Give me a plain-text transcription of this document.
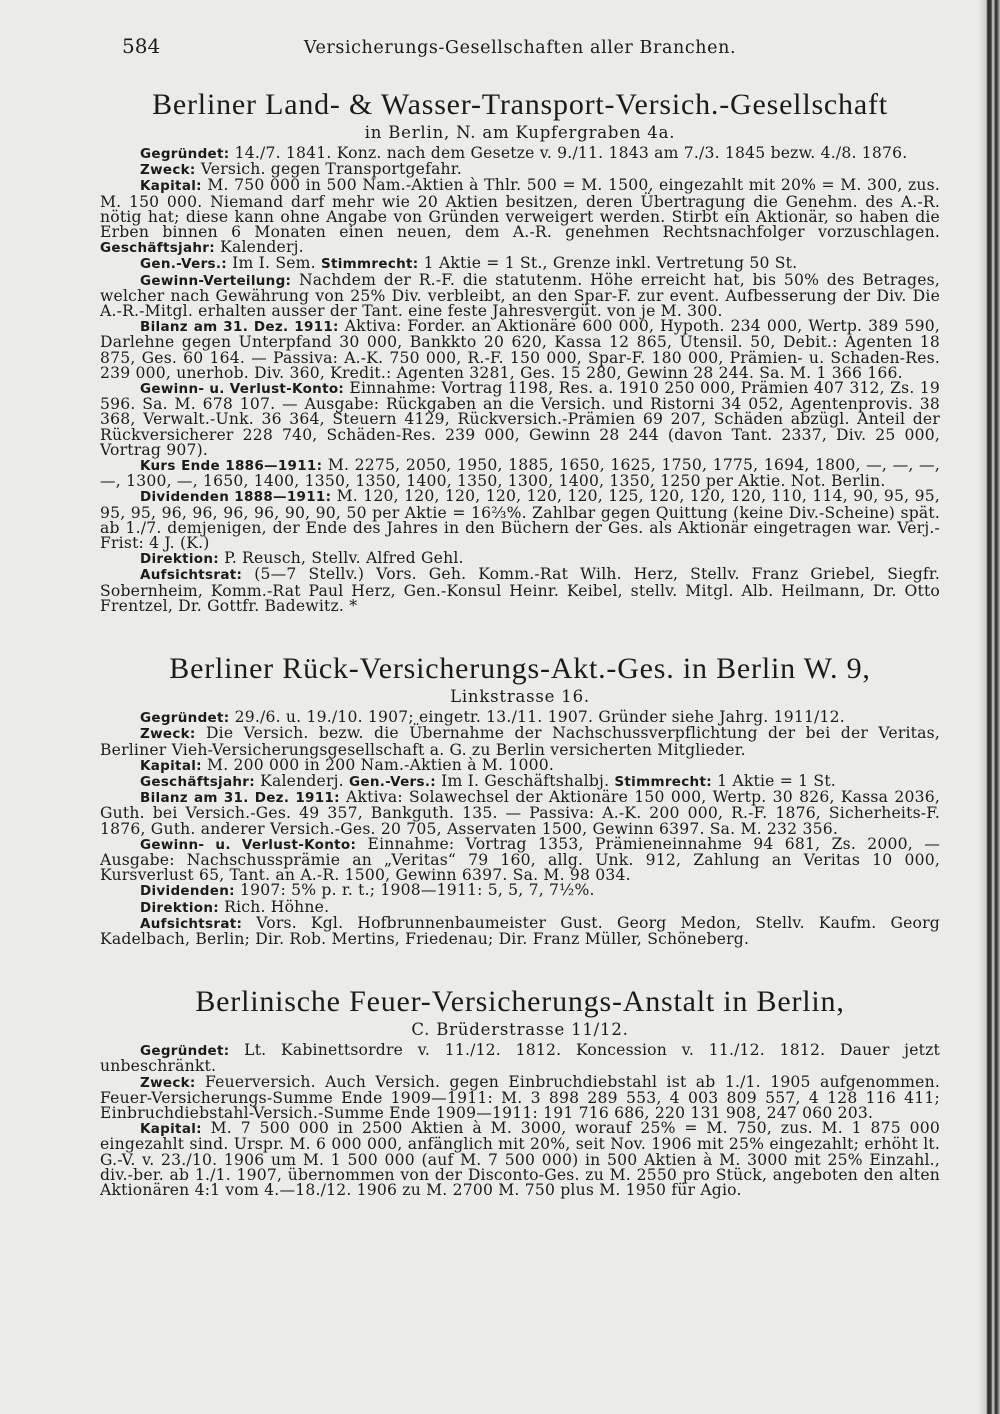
584	Versicherungs-Gesellschaften aller Branchen.
Berliner Land- & Wasser-Transport-Versich.-Gesellschaft
in Berlin, N. am Kupfergraben 4a.

Gegründet: 14./7. 1841. Konz. nach dem Gesetze v. 9./11. 1843 am 7./3. 1845 bezw. 4./8. 1876.

Zweck: Versich. gegen Transportgefahr.

Kapital: M. 750 000 in 500 Nam.-Aktien à Thlr. 500 = M. 1500, eingezahlt mit 20% = M. 300, zus. M. 150 000. Niemand darf mehr wie 20 Aktien besitzen, deren Übertragung die Genehm. des A.-R. nötig hat; diese kann ohne Angabe von Gründen verweigert werden. Stirbt ein Aktionär, so haben die Erben binnen 6 Monaten einen neuen, dem A.-R. genehmen Rechtsnachfolger vorzuschlagen. Geschäftsjahr: Kalenderj.

Gen.-Vers.: Im I. Sem. Stimmrecht: 1 Aktie = 1 St., Grenze inkl. Vertretung 50 St.

Gewinn-Verteilung: Nachdem der R.-F. die statutenm. Höhe erreicht hat, bis 50% des Betrages, welcher nach Gewährung von 25% Div. verbleibt, an den Spar-F. zur event. Aufbesserung der Div. Die A.-R.-Mitgl. erhalten ausser der Tant. eine feste Jahresvergüt. von je M. 300.

Bilanz am 31. Dez. 1911: Aktiva: Forder. an Aktionäre 600 000, Hypoth. 234 000, Wertp. 389 590, Darlehne gegen Unterpfand 30 000, Bankkto 20 620, Kassa 12 865, Utensil. 50, Debit.: Agenten 18 875, Ges. 60 164. — Passiva: A.-K. 750 000, R.-F. 150 000, Spar-F. 180 000, Prämien- u. Schaden-Res. 239 000, unerhob. Div. 360, Kredit.: Agenten 3281, Ges. 15 280, Gewinn 28 244. Sa. M. 1 366 166.

Gewinn- u. Verlust-Konto: Einnahme: Vortrag 1198, Res. a. 1910 250 000, Prämien 407 312, Zs. 19 596. Sa. M. 678 107. — Ausgabe: Rückgaben an die Versich. und Ristorni 34 052, Agentenprovis. 38 368, Verwalt.-Unk. 36 364, Steuern 4129, Rückversich.-Prämien 69 207, Schäden abzügl. Anteil der Rückversicherer 228 740, Schäden-Res. 239 000, Gewinn 28 244 (davon Tant. 2337, Div. 25 000, Vortrag 907).

Kurs Ende 1886—1911: M. 2275, 2050, 1950, 1885, 1650, 1625, 1750, 1775, 1694, 1800, —, —, —, —, 1300, —, 1650, 1400, 1350, 1350, 1400, 1350, 1300, 1400, 1350, 1250 per Aktie. Not. Berlin.

Dividenden 1888—1911: M. 120, 120, 120, 120, 120, 120, 125, 120, 120, 120, 110, 114, 90, 95, 95, 95, 95, 96, 96, 96, 96, 90, 90, 50 per Aktie = 16⅔%. Zahlbar gegen Quittung (keine Div.-Scheine) spät. ab 1./7. demjenigen, der Ende des Jahres in den Büchern der Ges. als Aktionär eingetragen war. Verj.-Frist: 4 J. (K.)

Direktion: P. Reusch, Stellv. Alfred Gehl.

Aufsichtsrat: (5—7 Stellv.) Vors. Geh. Komm.-Rat Wilh. Herz, Stellv. Franz Griebel, Siegfr. Sobernheim, Komm.-Rat Paul Herz, Gen.-Konsul Heinr. Keibel, stellv. Mitgl. Alb. Heilmann, Dr. Otto Frentzel, Dr. Gottfr. Badewitz. *

Berliner Rück-Versicherungs-Akt.-Ges. in Berlin W. 9,
Linkstrasse 16.

Gegründet: 29./6. u. 19./10. 1907; eingetr. 13./11. 1907. Gründer siehe Jahrg. 1911/12.

Zweck: Die Versich. bezw. die Übernahme der Nachschussverpflichtung der bei der Veritas, Berliner Vieh-Versicherungsgesellschaft a. G. zu Berlin versicherten Mitglieder.

Kapital: M. 200 000 in 200 Nam.-Aktien à M. 1000.

Geschäftsjahr: Kalenderj. Gen.-Vers.: Im I. Geschäftshalbj. Stimmrecht: 1 Aktie = 1 St.

Bilanz am 31. Dez. 1911: Aktiva: Solawechsel der Aktionäre 150 000, Wertp. 30 826, Kassa 2036, Guth. bei Versich.-Ges. 49 357, Bankguth. 135. — Passiva: A.-K. 200 000, R.-F. 1876, Sicherheits-F. 1876, Guth. anderer Versich.-Ges. 20 705, Asservaten 1500, Gewinn 6397. Sa. M. 232 356.

Gewinn- u. Verlust-Konto: Einnahme: Vortrag 1353, Prämieneinnahme 94 681, Zs. 2000, — Ausgabe: Nachschussprämie an „Veritas“ 79 160, allg. Unk. 912, Zahlung an Veritas 10 000, Kursverlust 65, Tant. an A.-R. 1500, Gewinn 6397. Sa. M. 98 034.

Dividenden: 1907: 5% p. r. t.; 1908—1911: 5, 5, 7, 7½%.

Direktion: Rich. Höhne.

Aufsichtsrat: Vors. Kgl. Hofbrunnenbaumeister Gust. Georg Medon, Stellv. Kaufm. Georg Kadelbach, Berlin; Dir. Rob. Mertins, Friedenau; Dir. Franz Müller, Schöneberg.

Berlinische Feuer-Versicherungs-Anstalt in Berlin,
C. Brüderstrasse 11/12.

Gegründet: Lt. Kabinettsordre v. 11./12. 1812. Koncession v. 11./12. 1812. Dauer jetzt unbeschränkt.

Zweck: Feuerversich. Auch Versich. gegen Einbruchdiebstahl ist ab 1./1. 1905 aufgenommen. Feuer-Versicherungs-Summe Ende 1909—1911: M. 3 898 289 553, 4 003 809 557, 4 128 116 411; Einbruchdiebstahl-Versich.-Summe Ende 1909—1911: 191 716 686, 220 131 908, 247 060 203.

Kapital: M. 7 500 000 in 2500 Aktien à M. 3000, worauf 25% = M. 750, zus. M. 1 875 000 eingezahlt sind. Urspr. M. 6 000 000, anfänglich mit 20%, seit Nov. 1906 mit 25% eingezahlt; erhöht lt. G.-V. v. 23./10. 1906 um M. 1 500 000 (auf M. 7 500 000) in 500 Aktien à M. 3000 mit 25% Einzahl., div.-ber. ab 1./1. 1907, übernommen von der Disconto-Ges. zu M. 2550 pro Stück, angeboten den alten Aktionären 4:1 vom 4.—18./12. 1906 zu M. 2700 M. 750 plus M. 1950 für Agio.
